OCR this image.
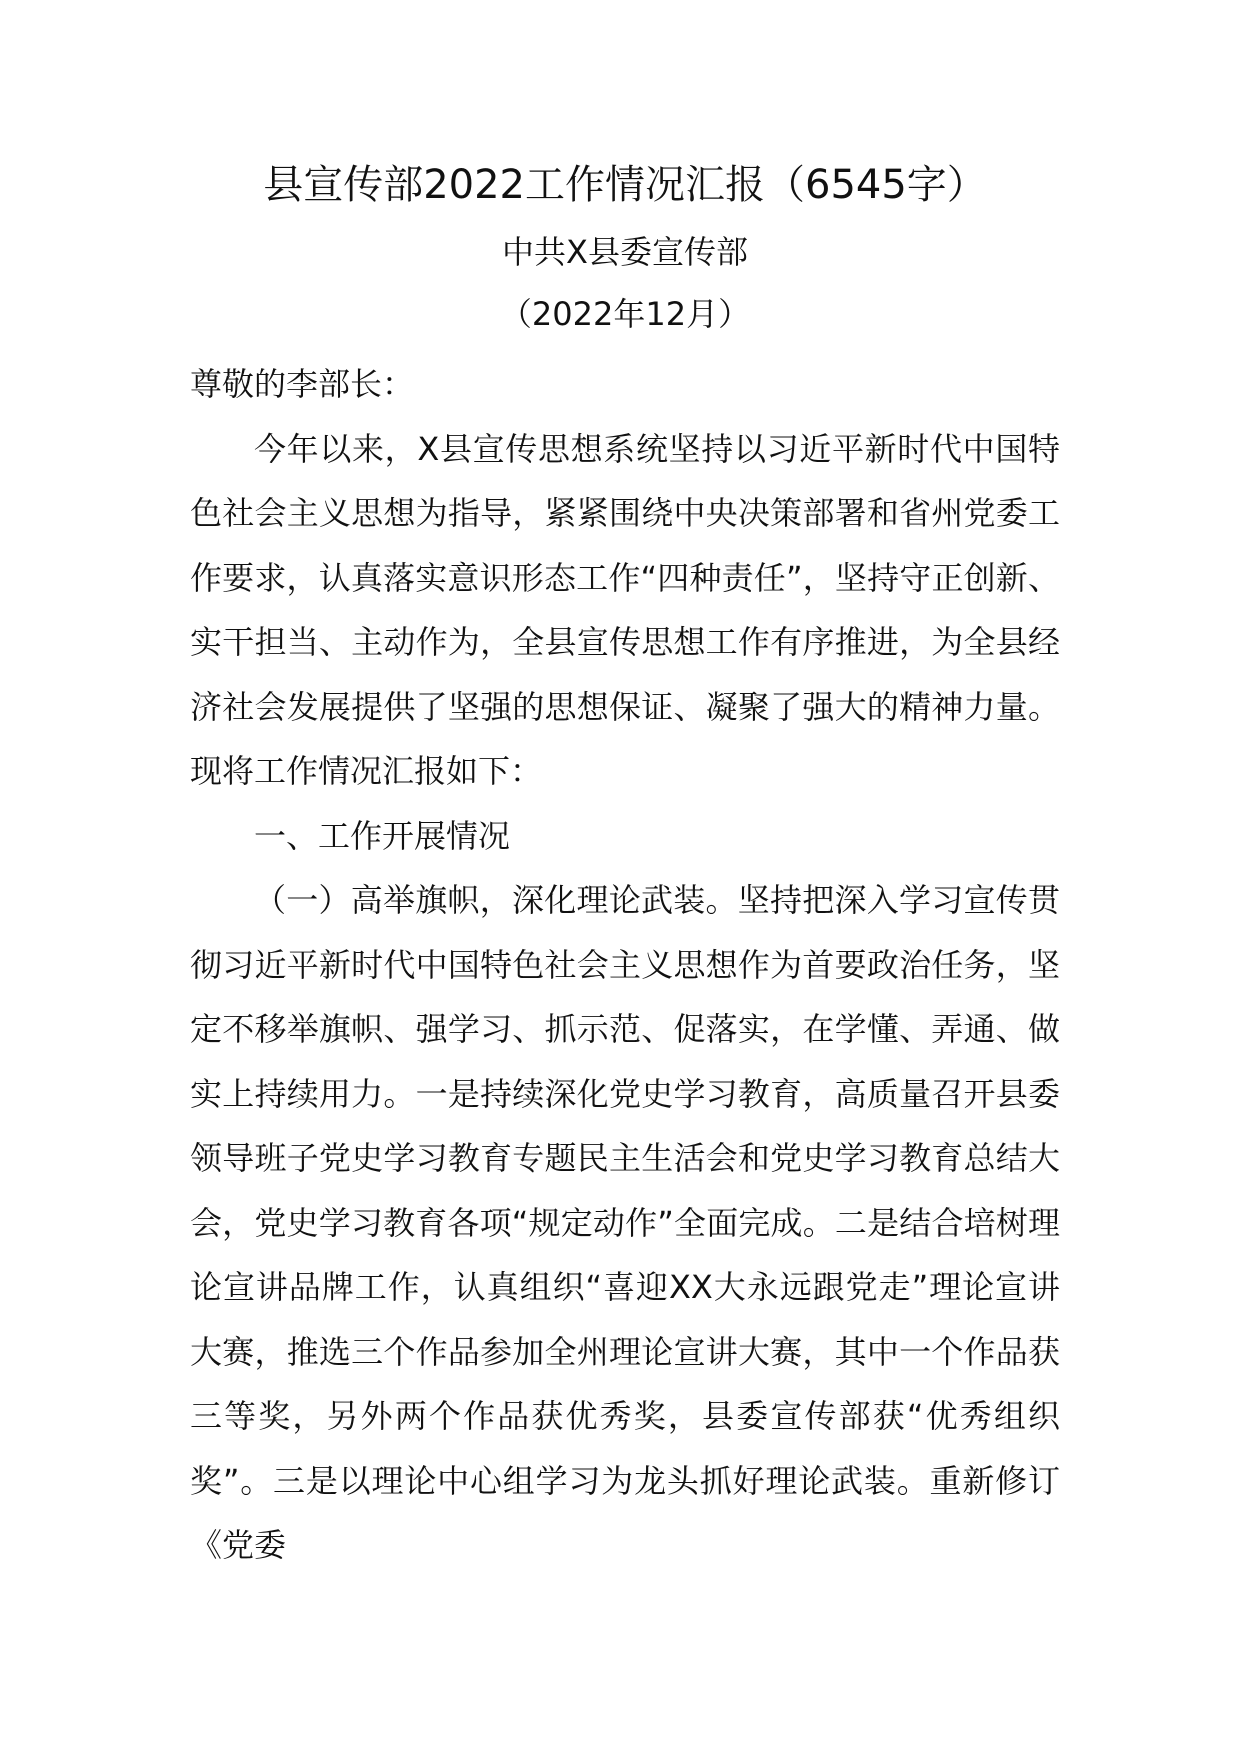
县宣传部2022工作情况汇报（6545字）
中共X县委宣传部
（2022年12月）

尊敬的李部长：

今年以来，X县宣传思想系统坚持以习近平新时代中国特色社会主义思想为指导，紧紧围绕中央决策部署和省州党委工作要求，认真落实意识形态工作“四种责任”，坚持守正创新、实干担当、主动作为，全县宣传思想工作有序推进，为全县经济社会发展提供了坚强的思想保证、凝聚了强大的精神力量。现将工作情况汇报如下：

一、工作开展情况

（一）高举旗帜，深化理论武装。坚持把深入学习宣传贯彻习近平新时代中国特色社会主义思想作为首要政治任务，坚定不移举旗帜、强学习、抓示范、促落实，在学懂、弄通、做实上持续用力。一是持续深化党史学习教育，高质量召开县委领导班子党史学习教育专题民主生活会和党史学习教育总结大会，党史学习教育各项“规定动作”全面完成。二是结合培树理论宣讲品牌工作，认真组织“喜迎XX大永远跟党走”理论宣讲大赛，推选三个作品参加全州理论宣讲大赛，其中一个作品获三等奖，另外两个作品获优秀奖，县委宣传部获“优秀组织奖”。三是以理论中心组学习为龙头抓好理论武装。重新修订《党委
